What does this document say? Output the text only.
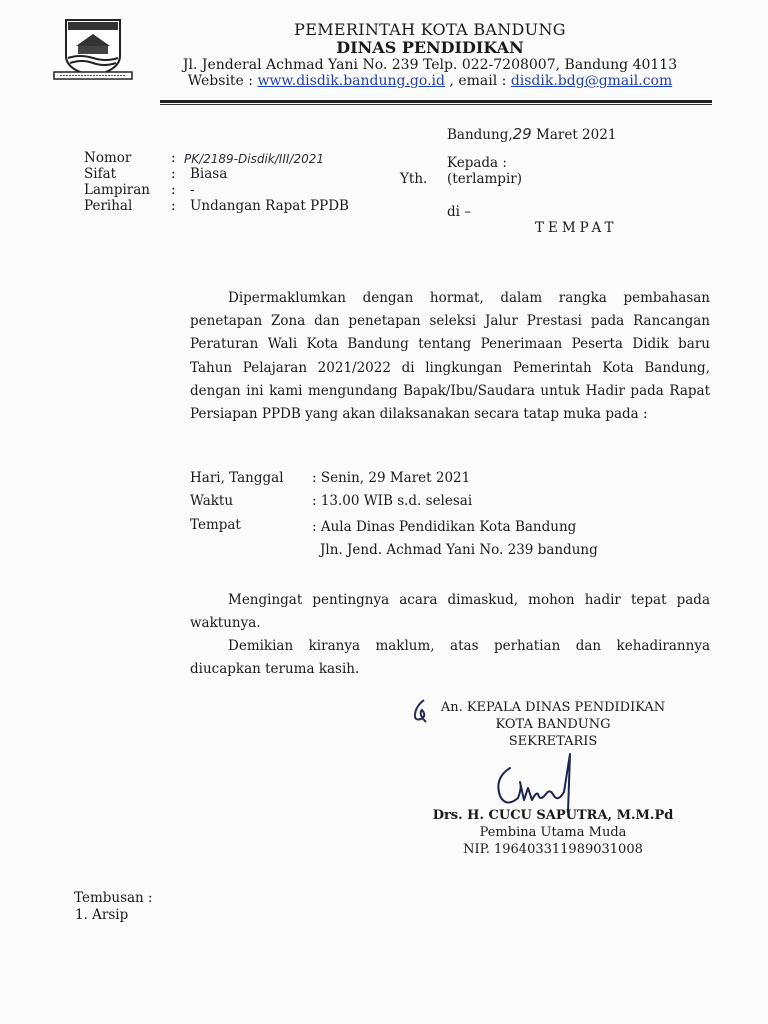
PEMERINTAH KOTA BANDUNG
DINAS PENDIDIKAN
Jl. Jenderal Achmad Yani No. 239 Telp. 022-7208007, Bandung 40113
Website : www.disdik.bandung.go.id , email : disdik.bdg@gmail.com
Bandung,29 Maret 2021
Nomor	: PK/2189-Disdik/III/2021
Sifat	: Biasa
Lampiran : -
Perihal	: Undangan Rapat PPDB
Kepada :
Yth. (terlampir)
di –
TEMPAT
Dipermaklumkan dengan hormat, dalam rangka pembahasan penetapan Zona dan penetapan seleksi Jalur Prestasi pada Rancangan Peraturan Wali Kota Bandung tentang Penerimaan Peserta Didik baru Tahun Pelajaran 2021/2022 di lingkungan Pemerintah Kota Bandung, dengan ini kami mengundang Bapak/Ibu/Saudara untuk Hadir pada Rapat Persiapan PPDB yang akan dilaksanakan secara tatap muka pada :
Hari, Tanggal : Senin, 29 Maret 2021
Waktu	: 13.00 WIB s.d. selesai
Tempat	: Aula Dinas Pendidikan Kota Bandung
Jln. Jend. Achmad Yani No. 239 bandung
Mengingat pentingnya acara dimaskud, mohon hadir tepat pada waktunya.
Demikian kiranya maklum, atas perhatian dan kehadirannya diucapkan teruma kasih.
An. KEPALA DINAS PENDIDIKAN
KOTA BANDUNG
SEKRETARIS
Drs. H. CUCU SAPUTRA, M.M.Pd
Pembina Utama Muda
NIP. 196403311989031008
Tembusan :
1. Arsip
